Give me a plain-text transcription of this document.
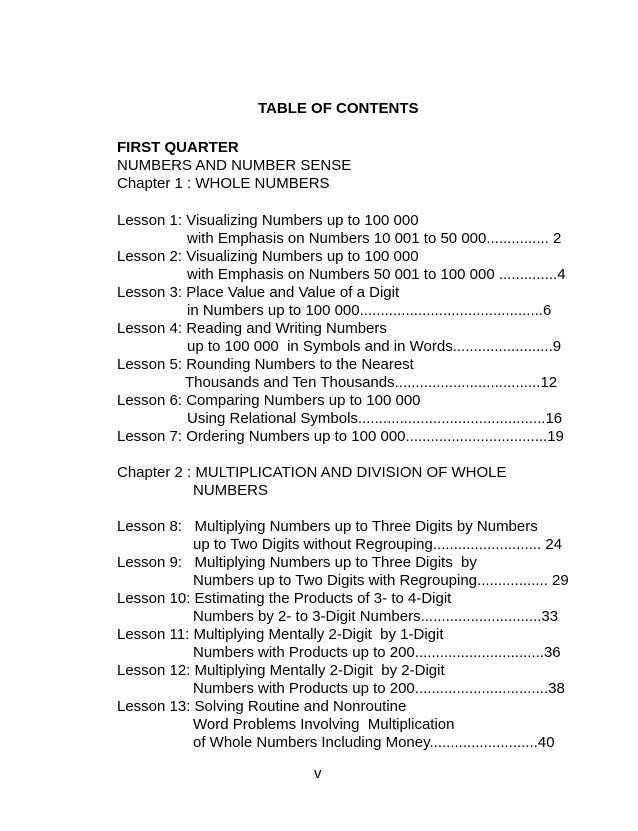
TABLE OF CONTENTS
FIRST QUARTER
NUMBERS AND NUMBER SENSE
Chapter 1 : WHOLE NUMBERS
Lesson 1: Visualizing Numbers up to 100 000
with Emphasis on Numbers 10 001 to 50 000............... 2
Lesson 2: Visualizing Numbers up to 100 000
with Emphasis on Numbers 50 001 to 100 000 ..............4
Lesson 3: Place Value and Value of a Digit
in Numbers up to 100 000............................................6
Lesson 4: Reading and Writing Numbers
up to 100 000  in Symbols and in Words........................9
Lesson 5: Rounding Numbers to the Nearest
Thousands and Ten Thousands...................................12
Lesson 6: Comparing Numbers up to 100 000
Using Relational Symbols.............................................16
Lesson 7: Ordering Numbers up to 100 000..................................19
Chapter 2 : MULTIPLICATION AND DIVISION OF WHOLE
NUMBERS
Lesson 8:   Multiplying Numbers up to Three Digits by Numbers
up to Two Digits without Regrouping.......................... 24
Lesson 9:   Multiplying Numbers up to Three Digits  by
Numbers up to Two Digits with Regrouping................. 29
Lesson 10: Estimating the Products of 3- to 4-Digit
Numbers by 2- to 3-Digit Numbers.............................33
Lesson 11: Multiplying Mentally 2-Digit  by 1-Digit
Numbers with Products up to 200...............................36
Lesson 12: Multiplying Mentally 2-Digit  by 2-Digit
Numbers with Products up to 200................................38
Lesson 13: Solving Routine and Nonroutine
Word Problems Involving  Multiplication
of Whole Numbers Including Money..........................40
v
